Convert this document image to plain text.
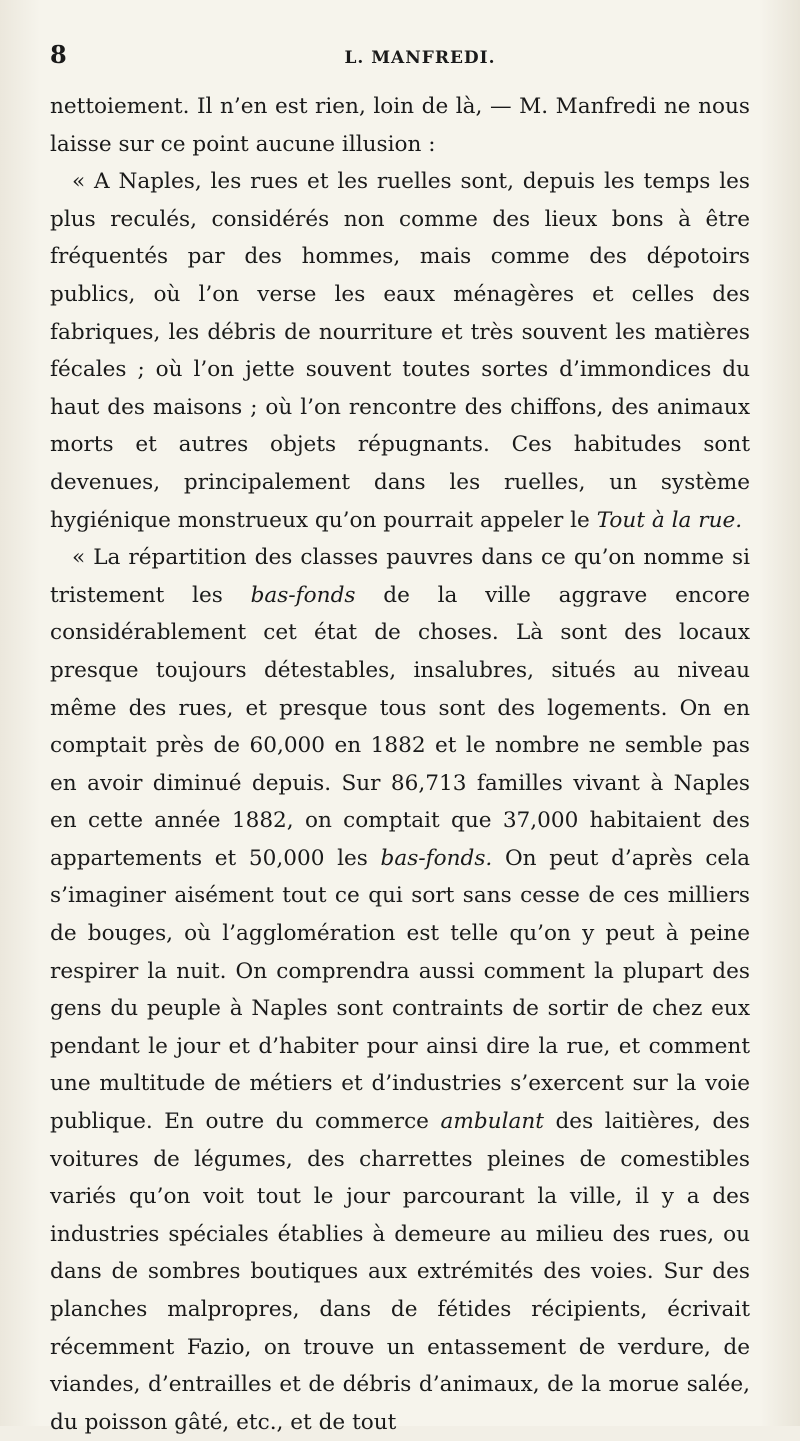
8	L. MANFREDI.

nettoiement. Il n’en est rien, loin de là, — M. Manfredi ne nous laisse sur ce point aucune illusion :

« A Naples, les rues et les ruelles sont, depuis les temps les plus reculés, considérés non comme des lieux bons à être fréquentés par des hommes, mais comme des dépotoirs publics, où l’on verse les eaux ménagères et celles des fabriques, les débris de nourriture et très souvent les matières fécales ; où l’on jette souvent toutes sortes d’immondices du haut des maisons ; où l’on rencontre des chiffons, des animaux morts et autres objets répugnants. Ces habitudes sont devenues, principalement dans les ruelles, un système hygiénique monstrueux qu’on pourrait appeler le Tout à la rue.

« La répartition des classes pauvres dans ce qu’on nomme si tristement les bas-fonds de la ville aggrave encore considérablement cet état de choses. Là sont des locaux presque toujours détestables, insalubres, situés au niveau même des rues, et presque tous sont des logements. On en comptait près de 60,000 en 1882 et le nombre ne semble pas en avoir diminué depuis. Sur 86,713 familles vivant à Naples en cette année 1882, on comptait que 37,000 habitaient des appartements et 50,000 les bas-fonds. On peut d’après cela s’imaginer aisément tout ce qui sort sans cesse de ces milliers de bouges, où l’agglomération est telle qu’on y peut à peine respirer la nuit. On comprendra aussi comment la plupart des gens du peuple à Naples sont contraints de sortir de chez eux pendant le jour et d’habiter pour ainsi dire la rue, et comment une multitude de métiers et d’industries s’exercent sur la voie publique. En outre du commerce ambulant des laitières, des voitures de légumes, des charrettes pleines de comestibles variés qu’on voit tout le jour parcourant la ville, il y a des industries spéciales établies à demeure au milieu des rues, ou dans de sombres boutiques aux extrémités des voies. Sur des planches malpropres, dans de fétides récipients, écrivait récemment Fazio, on trouve un entassement de verdure, de viandes, d’entrailles et de débris d’animaux, de la morue salée, du poisson gâté, etc., et de tout
